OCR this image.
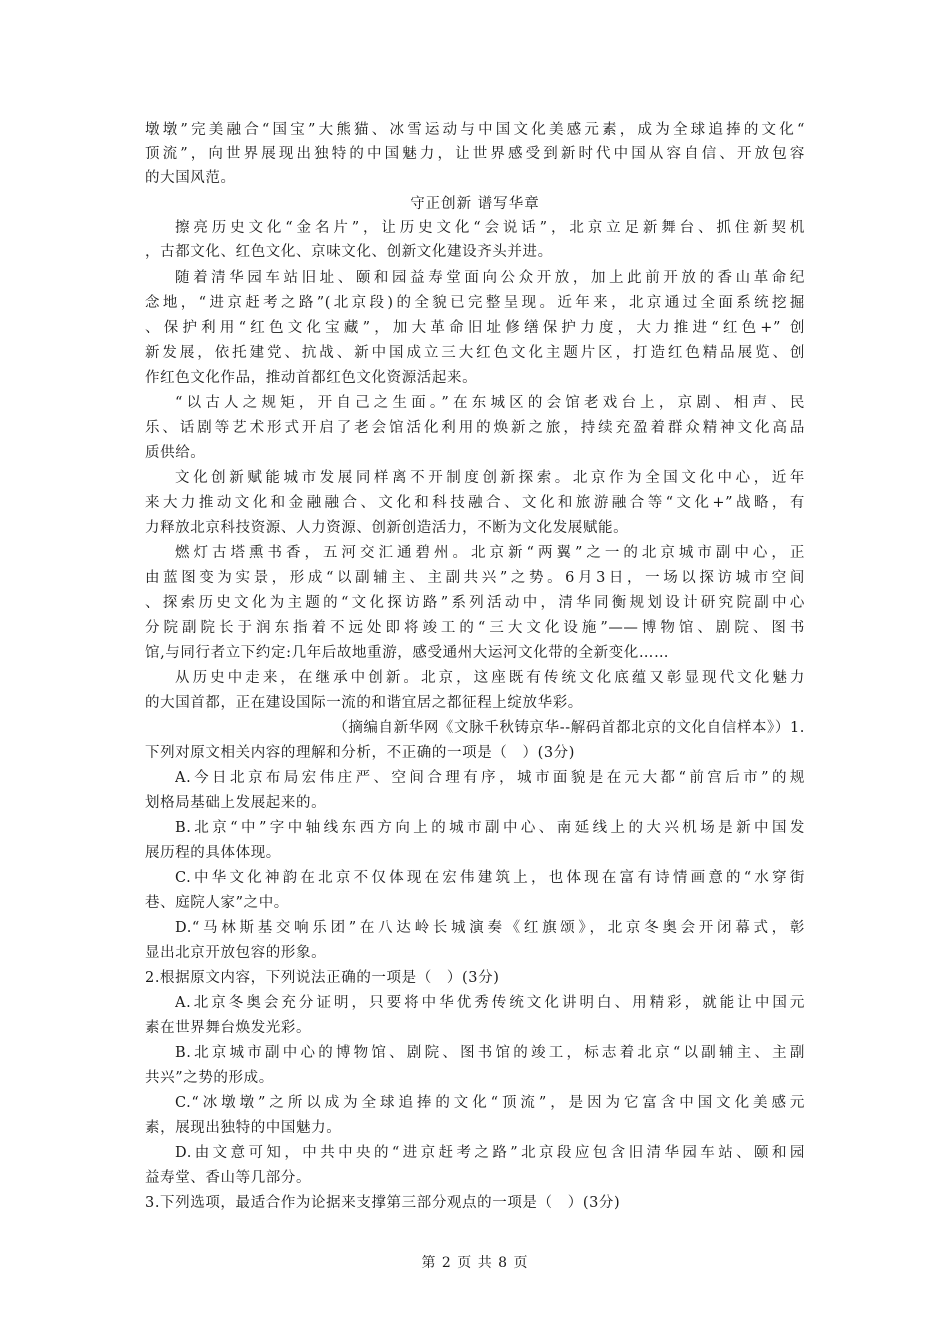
墩墩”完美融合“国宝”大熊猫、冰雪运动与中国文化美感元素，成为全球追捧的文化“
顶流”，向世界展现出独特的中国魅力，让世界感受到新时代中国从容自信、开放包容
的大国风范。
守正创新 谱写华章
擦亮历史文化“金名片”，让历史文化“会说话”，北京立足新舞台、抓住新契机
，古都文化、红色文化、京味文化、创新文化建设齐头并进。
随着清华园车站旧址、颐和园益寿堂面向公众开放，加上此前开放的香山革命纪
念地，“进京赶考之路”(北京段)的全貌已完整呈现。近年来，北京通过全面系统挖掘
、保护利用“红色文化宝藏”，加大革命旧址修缮保护力度，大力推进“红色+” 创
新发展，依托建党、抗战、新中国成立三大红色文化主题片区，打造红色精品展览、创
作红色文化作品，推动首都红色文化资源活起来。
“以古人之规矩，开自己之生面。”在东城区的会馆老戏台上，京剧、相声、民
乐、话剧等艺术形式开启了老会馆活化利用的焕新之旅，持续充盈着群众精神文化高品
质供给。
文化创新赋能城市发展同样离不开制度创新探索。北京作为全国文化中心，近年
来大力推动文化和金融融合、文化和科技融合、文化和旅游融合等“文化+”战略，有
力释放北京科技资源、人力资源、创新创造活力，不断为文化发展赋能。
燃灯古塔熏书香，五河交汇通碧州。北京新“两翼”之一的北京城市副中心，正
由蓝图变为实景，形成“以副辅主、主副共兴”之势。6月3日，一场以探访城市空间
、探索历史文化为主题的“文化探访路”系列活动中，清华同衡规划设计研究院副中心
分院副院长于润东指着不远处即将竣工的“三大文化设施”——博物馆、剧院、图书
馆,与同行者立下约定:几年后故地重游，感受通州大运河文化带的全新变化……
从历史中走来，在继承中创新。北京，这座既有传统文化底蕴又彰显现代文化魅力
的大国首都，正在建设国际一流的和谐宜居之都征程上绽放华彩。
（摘编自新华网《文脉千秋铸京华--解码首都北京的文化自信样本》）1.
下列对原文相关内容的理解和分析，不正确的一项是（　）(3分)
A.今日北京布局宏伟庄严、空间合理有序，城市面貌是在元大都“前宫后市”的规
划格局基础上发展起来的。
B.北京“中”字中轴线东西方向上的城市副中心、南延线上的大兴机场是新中国发
展历程的具体体现。
C.中华文化神韵在北京不仅体现在宏伟建筑上，也体现在富有诗情画意的“水穿街
巷、庭院人家”之中。
D.“马林斯基交响乐团”在八达岭长城演奏《红旗颂》，北京冬奥会开闭幕式，彰
显出北京开放包容的形象。
2.根据原文内容，下列说法正确的一项是（　）(3分)
A.北京冬奥会充分证明，只要将中华优秀传统文化讲明白、用精彩，就能让中国元
素在世界舞台焕发光彩。
B.北京城市副中心的博物馆、剧院、图书馆的竣工，标志着北京“以副辅主、主副
共兴”之势的形成。
C.“冰墩墩”之所以成为全球追捧的文化“顶流”，是因为它富含中国文化美感元
素，展现出独特的中国魅力。
D.由文意可知，中共中央的“进京赶考之路”北京段应包含旧清华园车站、颐和园
益寿堂、香山等几部分。
3.下列选项，最适合作为论据来支撑第三部分观点的一项是（　）(3分)
第 2 页 共 8 页
